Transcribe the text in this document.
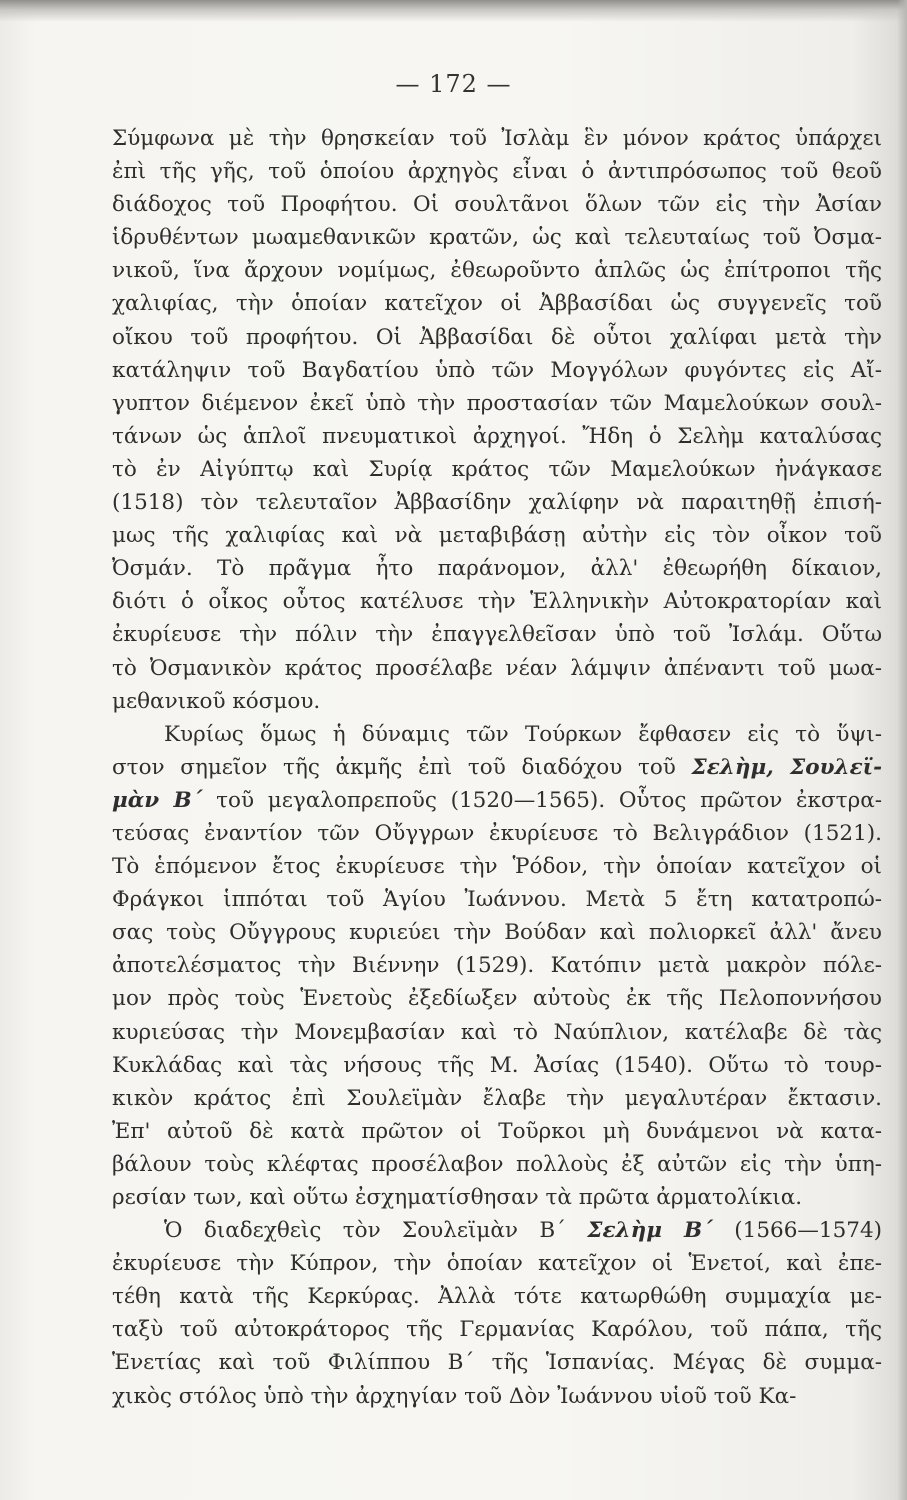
— 172 —

Σύμφωνα μὲ τὴν θρησκείαν τοῦ Ἰσλὰμ ἓν μόνον κράτος ὑπάρχει
ἐπὶ τῆς γῆς, τοῦ ὁποίου ἀρχηγὸς εἶναι ὁ ἀντιπρόσωπος τοῦ θεοῦ
διάδοχος τοῦ Προφήτου. Οἱ σουλτᾶνοι ὅλων τῶν εἰς τὴν Ἀσίαν
ἱδρυθέντων μωαμεθανικῶν κρατῶν, ὡς καὶ τελευταίως τοῦ Ὀσμα-
νικοῦ, ἵνα ἄρχουν νομίμως, ἐθεωροῦντο ἁπλῶς ὡς ἐπίτροποι τῆς
χαλιφίας, τὴν ὁποίαν κατεῖχον οἱ Ἀββασίδαι ὡς συγγενεῖς τοῦ
οἴκου τοῦ προφήτου. Οἱ Ἀββασίδαι δὲ οὗτοι χαλίφαι μετὰ τὴν
κατάληψιν τοῦ Βαγδατίου ὑπὸ τῶν Μογγόλων φυγόντες εἰς Αἴ-
γυπτον διέμενον ἐκεῖ ὑπὸ τὴν προστασίαν τῶν Μαμελούκων σουλ-
τάνων ὡς ἁπλοῖ πνευματικοὶ ἀρχηγοί. Ἤδη ὁ Σελὴμ καταλύσας
τὸ ἐν Αἰγύπτῳ καὶ Συρίᾳ κράτος τῶν Μαμελούκων ἠνάγκασε
(1518) τὸν τελευταῖον Ἀββασίδην χαλίφην νὰ παραιτηθῇ ἐπισή-
μως τῆς χαλιφίας καὶ νὰ μεταβιβάσῃ αὐτὴν εἰς τὸν οἶκον τοῦ
Ὀσμάν. Τὸ πρᾶγμα ἦτο παράνομον, ἀλλ' ἐθεωρήθη δίκαιον,
διότι ὁ οἶκος οὗτος κατέλυσε τὴν Ἑλληνικὴν Αὐτοκρατορίαν καὶ
ἐκυρίευσε τὴν πόλιν τὴν ἐπαγγελθεῖσαν ὑπὸ τοῦ Ἰσλάμ. Οὕτω
τὸ Ὀσμανικὸν κράτος προσέλαβε νέαν λάμψιν ἀπέναντι τοῦ μωα-
μεθανικοῦ κόσμου.

Κυρίως ὅμως ἡ δύναμις τῶν Τούρκων ἔφθασεν εἰς τὸ ὕψι-
στον σημεῖον τῆς ἀκμῆς ἐπὶ τοῦ διαδόχου τοῦ Σελὴμ, Σουλεϊ-
μὰν Β΄ τοῦ μεγαλοπρεποῦς (1520—1565). Οὗτος πρῶτον ἐκστρα-
τεύσας ἐναντίον τῶν Οὔγγρων ἐκυρίευσε τὸ Βελιγράδιον (1521).
Τὸ ἑπόμενον ἔτος ἐκυρίευσε τὴν Ῥόδον, τὴν ὁποίαν κατεῖχον οἱ
Φράγκοι ἱππόται τοῦ Ἁγίου Ἰωάννου. Μετὰ 5 ἔτη κατατροπώ-
σας τοὺς Οὔγγρους κυριεύει τὴν Βούδαν καὶ πολιορκεῖ ἀλλ' ἄνευ
ἀποτελέσματος τὴν Βιέννην (1529). Κατόπιν μετὰ μακρὸν πόλε-
μον πρὸς τοὺς Ἑνετοὺς ἐξεδίωξεν αὐτοὺς ἐκ τῆς Πελοποννήσου
κυριεύσας τὴν Μονεμβασίαν καὶ τὸ Ναύπλιον, κατέλαβε δὲ τὰς
Κυκλάδας καὶ τὰς νήσους τῆς Μ. Ἀσίας (1540). Οὕτω τὸ τουρ-
κικὸν κράτος ἐπὶ Σουλεϊμὰν ἔλαβε τὴν μεγαλυτέραν ἔκτασιν.
Ἐπ' αὐτοῦ δὲ κατὰ πρῶτον οἱ Τοῦρκοι μὴ δυνάμενοι νὰ κατα-
βάλουν τοὺς κλέφτας προσέλαβον πολλοὺς ἐξ αὐτῶν εἰς τὴν ὑπη-
ρεσίαν των, καὶ οὕτω ἐσχηματίσθησαν τὰ πρῶτα ἀρματολίκια.

Ὁ διαδεχθεὶς τὸν Σουλεϊμὰν Β΄ Σελὴμ Β΄ (1566—1574)
ἐκυρίευσε τὴν Κύπρον, τὴν ὁποίαν κατεῖχον οἱ Ἑνετοί, καὶ ἐπε-
τέθη κατὰ τῆς Κερκύρας. Ἀλλὰ τότε κατωρθώθη συμμαχία με-
ταξὺ τοῦ αὐτοκράτορος τῆς Γερμανίας Καρόλου, τοῦ πάπα, τῆς
Ἑνετίας καὶ τοῦ Φιλίππου Β΄ τῆς Ἱσπανίας. Μέγας δὲ συμμα-
χικὸς στόλος ὑπὸ τὴν ἀρχηγίαν τοῦ Δὸν Ἰωάννου υἱοῦ τοῦ Κα-
